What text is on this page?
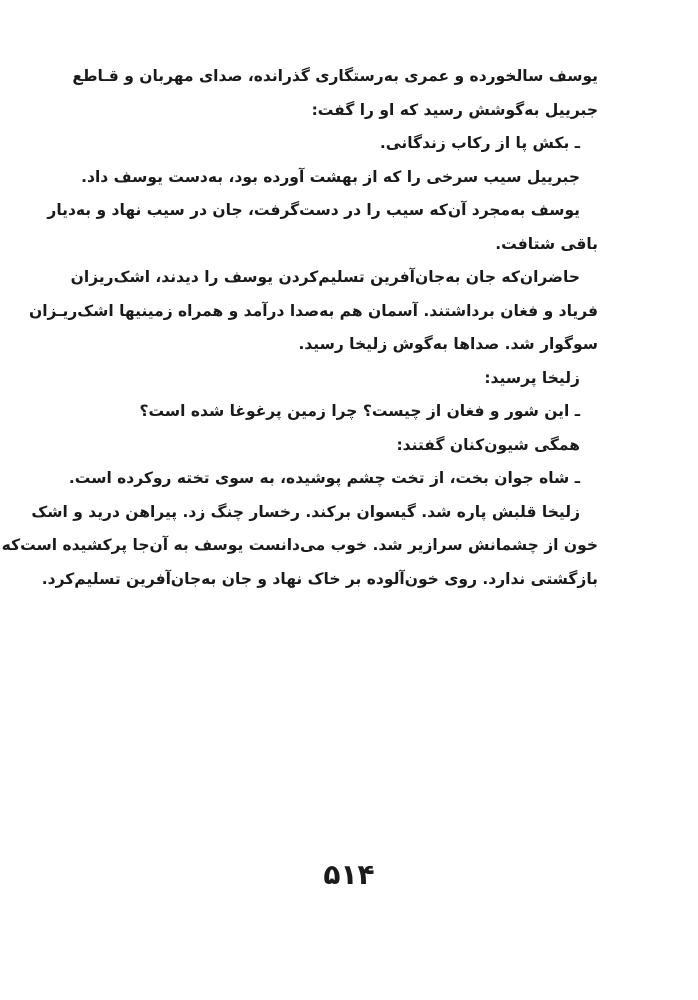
یوسف سالخورده و عمری به‌رستگاری گذرانده، صدای مهربان و قـاطع
جبرییل به‌گوشش رسید که او را گفت:
ـ بکش پا از رکاب زندگانی.
جبرییل سیب سرخی را که از بهشت آورده بود، به‌دست یوسف داد.
یوسف به‌مجرد آن‌که سیب را در دست‌گرفت، جان در سیب نهاد و به‌دیار
باقی شتافت.
حاضران‌که جان به‌جان‌آفرین تسلیم‌کردن یوسف را دیدند، اشک‌ریزان
فریاد و فغان برداشتند. آسمان هم به‌صدا درآمد و همراه زمینیها اشک‌ریـزان
سوگوار شد. صداها به‌گوش زلیخا رسید.
زلیخا پرسید:
ـ این شور و فغان از چیست؟ چرا زمین پرغوغا شده است؟
همگی شیون‌کنان گفتند:
ـ شاه جوان بخت، از تخت چشم پوشیده، به سوی تخته روکرده است.
زلیخا قلبش پاره شد. گیسوان برکند. رخسار چنگ زد. پیراهن درید و اشک
خون از چشمانش سرازیر شد. خوب می‌دانست یوسف به آن‌جا پرکشیده است‌که
بازگشتی ندارد. روی خون‌آلوده بر خاک نهاد و جان به‌جان‌آفرین تسلیم‌کرد.
۵۱۴
